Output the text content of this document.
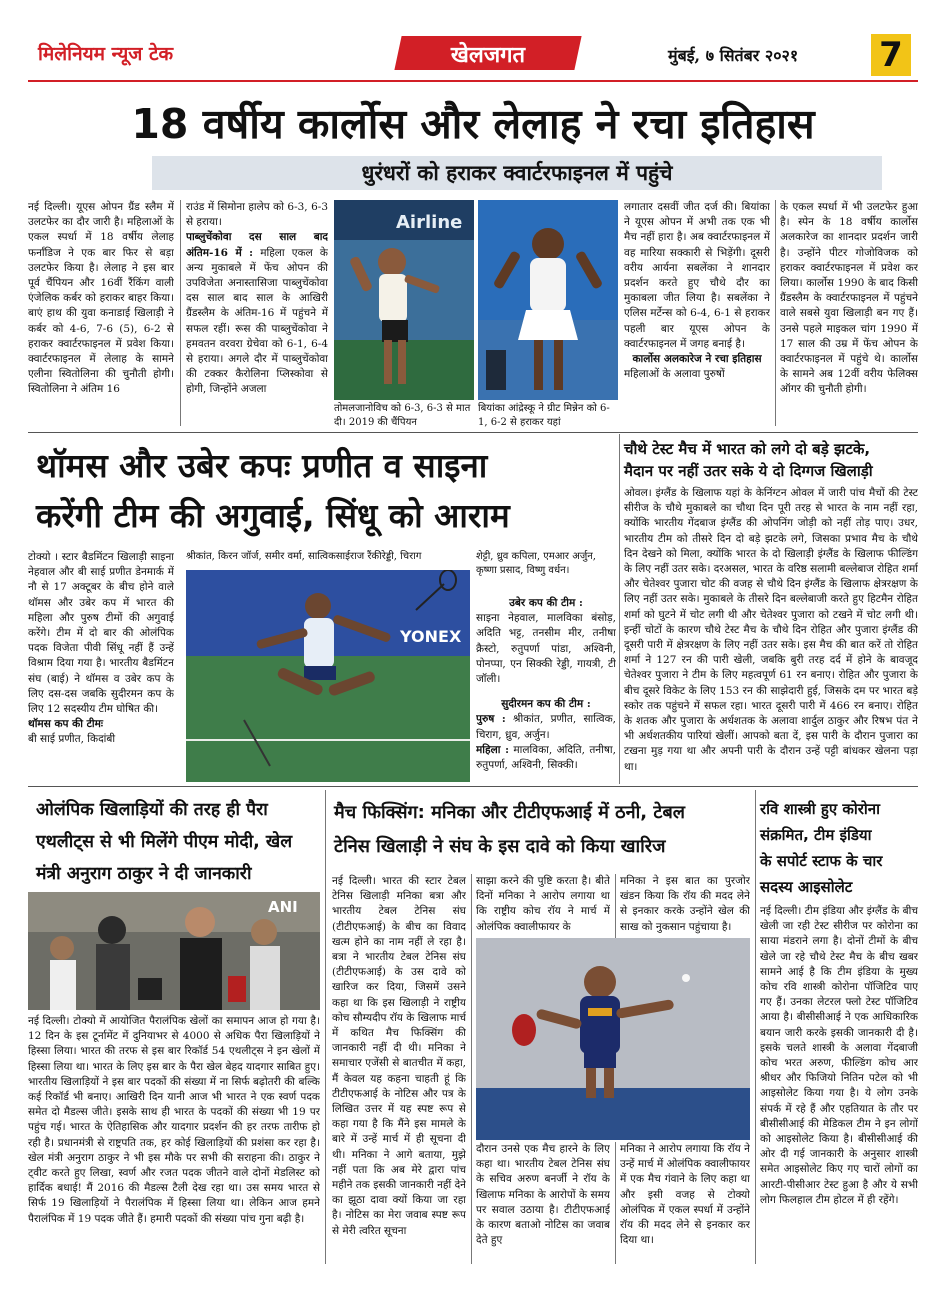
मिलेनियम न्यूज टेक	खेलजगत	मुंबई, ७ सितंबर २०२१ 7
18 वर्षीय कार्लोस और लेलाह ने रचा इतिहास
धुरंधरों को हराकर क्वार्टरफाइनल में पहुंचे

नई दिल्ली। यूएस ओपन ग्रैंड स्लैम में उलटफेर का दौर जारी है। महिलाओं के एकल स्पर्धा में 18 वर्षीय लेलाह फर्नांडिज ने एक बार फिर से बड़ा उलटफेर किया है। लेलाह ने इस बार पूर्व चैंपियन और 16वीं रैंकिंग वाली एंजेलिक कर्बर को हराकर बाहर किया। बाएं हाथ की युवा कनाडाई खिलाड़ी ने कर्बर को 4-6, 7-6 (5), 6-2 से हराकर क्वार्टरफाइनल में प्रवेश किया। क्वार्टरफाइनल में लेलाह के सामने एलीना स्वितोलिना की चुनौती होगी। स्वितोलिना ने अंतिम 16

राउंड में सिमोना हालेप को 6-3, 6-3 से हराया।

पाब्लुचेंकोवा दस साल बाद अंतिम-16 में : महिला एकल के अन्य मुकाबले में फेंच ओपन की उपविजेता अनास्तासिजा पाब्लुचेंकोवा दस साल बाद साल के आखिरी ग्रैंडस्लैम के अंतिम-16 में पहुंचने में सफल रहीं। रूस की पाब्लुचेंकोवा ने हमवतन वरवरा ग्रेचेवा को 6-1, 6-4 से हराया। अगले दौर में पाब्लुचेंकोवा की टक्कर कैरोलिना प्लिस्कोवा से होगी, जिन्होंने अजला

Airline
तोमलजानोविच को 6-3, 6-3 से मात दी। 2019 की चैंपियन
बियांका आंद्रेस्कू ने ग्रीट मिन्नेन को 6-1, 6-2 से हराकर यहां

लगातार दसवीं जीत दर्ज की। बियांका ने यूएस ओपन में अभी तक एक भी मैच नहीं हारा है। अब क्वार्टरफाइनल में वह मारिया सक्कारी से भिड़ेंगी। दूसरी वरीय आर्यना सबलेंका ने शानदार प्रदर्शन करते हुए चौथे दौर का मुकाबला जीत लिया है। सबलेंका ने एलिस मर्टेन्स को 6-4, 6-1 से हराकर पहली बार यूएस ओपन के क्वार्टरफाइनल में जगह बनाई है।

कार्लोस अलकारेज ने रचा इतिहास

महिलाओं के अलावा पुरुषों

के एकल स्पर्धा में भी उलटफेर हुआ है। स्पेन के 18 वर्षीय कार्लोस अलकारेज का शानदार प्रदर्शन जारी है। उन्होंने पीटर गोजोविजक को हराकर क्वार्टरफाइनल में प्रवेश कर लिया। कार्लोस 1990 के बाद किसी ग्रैंडस्लैम के क्वार्टरफाइनल में पहुंचने वाले सबसे युवा खिलाड़ी बन गए हैं। उनसे पहले माइकल चांग 1990 में 17 साल की उम्र में फेंच ओपन के क्वार्टरफाइनल में पहुंचे थे। कार्लोस के सामने अब 12वीं वरीय फेलिक्स ऑगर की चुनौती होगी।

थॉमस और उबेर कपः प्रणीत व साइना
करेंगी टीम की अगुवाई, सिंधू को आराम

टोक्यो । स्टार बैडमिंटन खिलाड़ी साइना नेहवाल और बी साई प्रणीत डेनमार्क में नौ से 17 अक्टूबर के बीच होने वाले थॉमस और उबेर कप में भारत की महिला और पुरुष टीमों की अगुवाई करेंगे। टीम में दो बार की ओलंपिक पदक विजेता पीवी सिंधू नहीं हैं उन्हें विश्राम दिया गया है। भारतीय बैडमिंटन संघ (बाई) ने थॉमस व उबेर कप के लिए दस-दस जबकि सुदीरमन कप के लिए 12 सदस्यीय टीम घोषित की।

थॉमस कप की टीमः

बी साई प्रणीत, किदांबी

श्रीकांत, किरन जॉर्ज, समीर वर्मा, सात्विकसाईराज रैंकीरेड्डी, चिराग
YONEX
शेट्टी, ध्रुव कपिला, एमआर अर्जुन, कृष्णा प्रसाद, विष्णु वर्धन।

उबेर कप की टीम :

साइना नेहवाल, मालविका बंसोड़, अदिति भट्ट, तनसीम मीर, तनीषा क्रैस्टो, रुतुपर्णा पांडा, अश्विनी, पोनप्पा, एन सिक्की रेड्डी, गायत्री, टी जॉली।

सुदीरमन कप की टीम :

पुरुष : श्रीकांत, प्रणीत, सात्विक, चिराग, ध्रुव, अर्जुन।

महिला : मालविका, अदिति, तनीषा, रुतुपर्णा, अश्विनी, सिक्की।

चौथे टेस्ट मैच में भारत को लगे दो बड़े झटके,
मैदान पर नहीं उतर सके ये दो दिग्गज खिलाड़ी

ओवल। इंग्लैंड के खिलाफ यहां के केनिंग्टन ओवल में जारी पांच मैचों की टेस्ट सीरीज के चौथे मुकाबले का चौथा दिन पूरी तरह से भारत के नाम नहीं रहा, क्योंकि भारतीय गेंदबाज इंग्लैंड की ओपनिंग जोड़ी को नहीं तोड़ पाए। उधर, भारतीय टीम को तीसरे दिन दो बड़े झटके लगे, जिसका प्रभाव मैच के चौथे दिन देखने को मिला, क्योंकि भारत के दो खिलाड़ी इंग्लैंड के खिलाफ फील्डिंग के लिए नहीं उतर सके। दरअसल, भारत के वरिष्ठ सलामी बल्लेबाज रोहित शर्मा और चेतेश्वर पुजारा चोट की वजह से चौथे दिन इंग्लैंड के खिलाफ क्षेत्ररक्षण के लिए नहीं उतर सके। मुकाबले के तीसरे दिन बल्लेबाजी करते हुए हिटमैन रोहित शर्मा को घुटने में चोट लगी थी और चेतेश्वर पुजारा को टखने में चोट लगी थी। इन्हीं चोटों के कारण चौथे टेस्ट मैच के चौथे दिन रोहित और पुजारा इंग्लैंड की दूसरी पारी में क्षेत्ररक्षण के लिए नहीं उतर सके। इस मैच की बात करें तो रोहित शर्मा ने 127 रन की पारी खेली, जबकि बुरी तरह दर्द में होने के बावजूद चेतेश्वर पुजारा ने टीम के लिए महत्वपूर्ण 61 रन बनाए। रोहित और पुजारा के बीच दूसरे विकेट के लिए 153 रन की साझेदारी हुई, जिसके दम पर भारत बड़े स्कोर तक पहुंचने में सफल रहा। भारत दूसरी पारी में 466 रन बनाए। रोहित के शतक और पुजारा के अर्धशतक के अलावा शार्दुल ठाकुर और रिषभ पंत ने भी अर्धशतकीय पारियां खेलीं। आपको बता दें, इस पारी के दौरान पुजारा का टखना मुड़ गया था और अपनी पारी के दौरान उन्हें पट्टी बांधकर खेलना पड़ा था।

ओलंपिक खिलाड़ियों की तरह ही पैरा
एथलीट्स से भी मिलेंगे पीएम मोदी, खेल
मंत्री अनुराग ठाकुर ने दी जानकारी
ANI

नई दिल्ली। टोक्यो में आयोजित पैरालंपिक खेलों का समापन आज हो गया है। 12 दिन के इस टूर्नामेंट में दुनियाभर से 4000 से अधिक पैरा खिलाड़ियों ने हिस्सा लिया। भारत की तरफ से इस बार रिकॉर्ड 54 एथलीट्स ने इन खेलों में हिस्सा लिया था। भारत के लिए इस बार के पैरा खेल बेहद यादगार साबित हुए। भारतीय खिलाड़ियों ने इस बार पदकों की संख्या में ना सिर्फ बढ़ोतरी की बल्कि कई रिकॉर्ड भी बनाए। आखिरी दिन यानी आज भी भारत ने एक स्वर्ण पदक समेत दो मैडल्स जीते। इसके साथ ही भारत के पदकों की संख्या भी 19 पर पहुंच गई। भारत के ऐतिहासिक और यादगार प्रदर्शन की हर तरफ तारीफ हो रही है। प्रधानमंत्री से राष्ट्रपति तक, हर कोई खिलाड़ियों की प्रशंसा कर रहा है। खेल मंत्री अनुराग ठाकुर ने भी इस मौके पर सभी की सराहना की। ठाकुर ने ट्वीट करते हुए लिखा, स्वर्ण और रजत पदक जीतने वाले दोनों मेडलिस्ट को हार्दिक बधाई! मैं 2016 की मैडल्स टैली देख रहा था। उस समय भारत से सिर्फ 19 खिलाड़ियों ने पैरालंपिक में हिस्सा लिया था। लेकिन आज हमने पैरालंपिक में 19 पदक जीते हैं। हमारी पदकों की संख्या पांच गुना बढ़ी है।

मैच फिक्सिंग: मनिका और टीटीएफआई में ठनी, टेबल
टेनिस खिलाड़ी ने संघ के इस दावे को किया खारिज

नई दिल्ली। भारत की स्टार टेबल टेनिस खिलाड़ी मनिका बत्रा और भारतीय टेबल टेनिस संघ (टीटीएफआई) के बीच का विवाद खत्म होने का नाम नहीं ले रहा है। बत्रा ने भारतीय टेबल टेनिस संघ (टीटीएफआई) के उस दावे को खारिज कर दिया, जिसमें उसने कहा था कि इस खिलाड़ी ने राष्ट्रीय कोच सौम्यदीप रॉय के खिलाफ मार्च में कथित मैच फिक्सिंग की जानकारी नहीं दी थी। मनिका ने समाचार एजेंसी से बातचीत में कहा, मैं केवल यह कहना चाहती हूं कि टीटीएफआई के नोटिस और पत्र के लिखित उत्तर में यह स्पष्ट रूप से कहा गया है कि मैंने इस मामले के बारे में उन्हें मार्च में ही सूचना दी थी। मनिका ने आगे बताया, मुझे नहीं पता कि अब मेरे द्वारा पांच महीने तक इसकी जानकारी नहीं देने का झूठा दावा क्यों किया जा रहा है। नोटिस का मेरा जवाब स्पष्ट रूप से मेरी त्वरित सूचना

साझा करने की पुष्टि करता है। बीते दिनों मनिका ने आरोप लगाया था कि राष्ट्रीय कोच रॉय ने मार्च में ओलंपिक क्वालीफायर के

मनिका ने इस बात का पुरजोर खंडन किया कि रॉय की मदद लेने से इनकार करके उन्होंने खेल की साख को नुकसान पहुंचाया है।

दौरान उनसे एक मैच हारने के लिए कहा था। भारतीय टेबल टेनिस संघ के सचिव अरुण बनर्जी ने रॉय के खिलाफ मनिका के आरोपों के समय पर सवाल उठाया है। टीटीएफआई के कारण बताओ नोटिस का जवाब देते हुए

मनिका ने आरोप लगाया कि रॉय ने उन्हें मार्च में ओलंपिक क्वालीफायर में एक मैच गंवाने के लिए कहा था और इसी वजह से टोक्यो ओलंपिक में एकल स्पर्धा में उन्होंने रॉय की मदद लेने से इनकार कर दिया था।

रवि शास्त्री हुए कोरोना
संक्रमित, टीम इंडिया
के सपोर्ट स्टाफ के चार
सदस्य आइसोलेट

नई दिल्ली। टीम इंडिया और इंग्लैंड के बीच खेली जा रही टेस्ट सीरीज पर कोरोना का साया मंडराने लगा है। दोनों टीमों के बीच खेले जा रहे चौथे टेस्ट मैच के बीच खबर सामने आई है कि टीम इंडिया के मुख्य कोच रवि शास्त्री कोरोना पॉजिटिव पाए गए हैं। उनका लेटरल फ्लो टेस्ट पॉजिटिव आया है। बीसीसीआई ने एक आधिकारिक बयान जारी करके इसकी जानकारी दी है। इसके चलते शास्त्री के अलावा गेंदबाजी कोच भरत अरुण, फील्डिंग कोच आर श्रीधर और फिजियो नितिन पटेल को भी आइसोलेट किया गया है। ये लोग उनके संपर्क में रहे हैं और एहतियात के तौर पर बीसीसीआई की मेडिकल टीम ने इन लोगों को आइसोलेट किया है। बीसीसीआई की ओर दी गई जानकारी के अनुसार शास्त्री समेत आइसोलेट किए गए चारों लोगों का आरटी-पीसीआर टेस्ट हुआ है और ये सभी लोग फिलहाल टीम होटल में ही रहेंगे।
